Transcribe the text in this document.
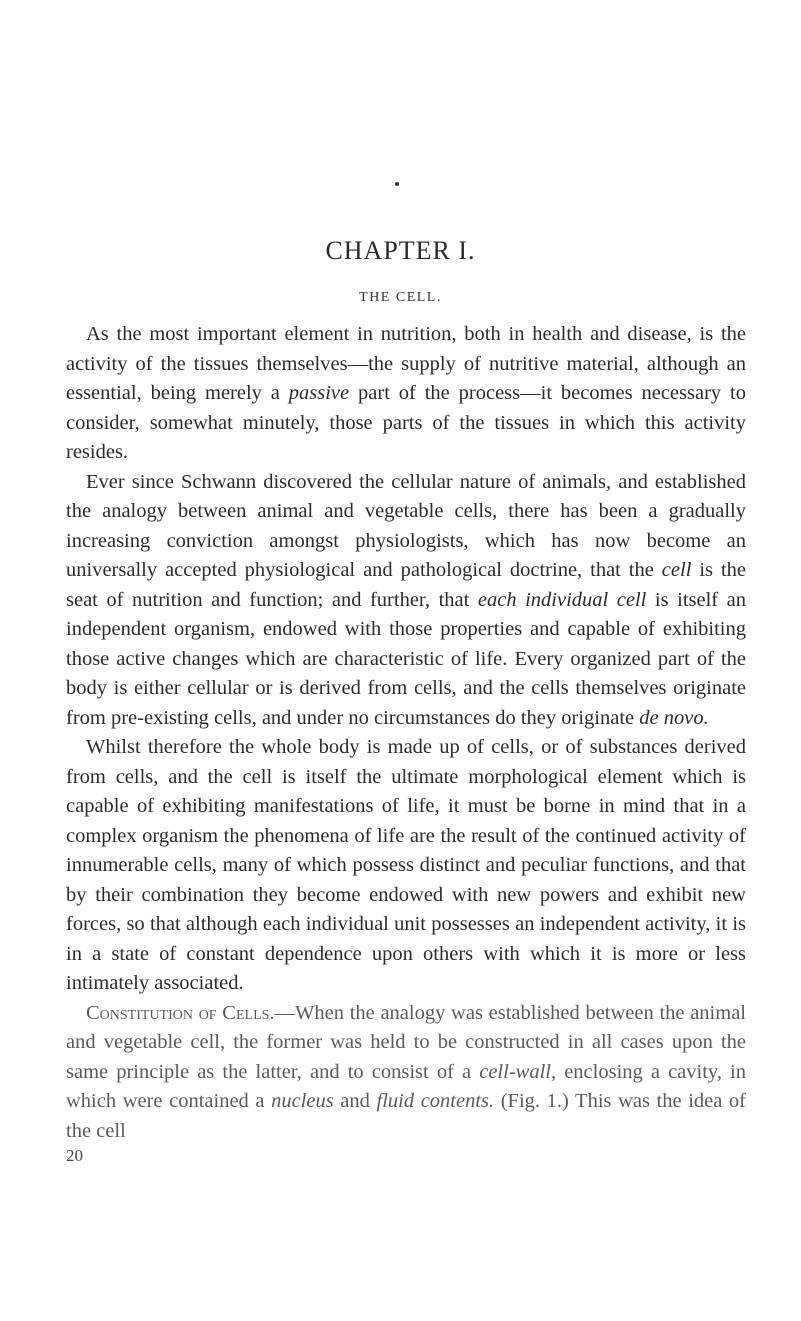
CHAPTER I.
THE CELL.

As the most important element in nutrition, both in health and disease, is the activity of the tissues themselves—the supply of nutritive material, although an essential, being merely a passive part of the process—it becomes necessary to consider, somewhat minutely, those parts of the tissues in which this activity resides.

Ever since Schwann discovered the cellular nature of animals, and established the analogy between animal and vegetable cells, there has been a gradually increasing conviction amongst physiologists, which has now become an universally accepted physiological and pathological doctrine, that the cell is the seat of nutrition and function; and further, that each individual cell is itself an independent organism, endowed with those properties and capable of exhibiting those active changes which are characteristic of life. Every organized part of the body is either cellular or is derived from cells, and the cells themselves originate from pre-existing cells, and under no circumstances do they originate de novo.

Whilst therefore the whole body is made up of cells, or of substances derived from cells, and the cell is itself the ultimate morphological element which is capable of exhibiting manifestations of life, it must be borne in mind that in a complex organism the phenomena of life are the result of the continued activity of innumerable cells, many of which possess distinct and peculiar functions, and that by their combination they become endowed with new powers and exhibit new forces, so that although each individual unit possesses an independent activity, it is in a state of constant dependence upon others with which it is more or less intimately associated.

Constitution of Cells.—When the analogy was established between the animal and vegetable cell, the former was held to be constructed in all cases upon the same principle as the latter, and to consist of a cell-wall, enclosing a cavity, in which were contained a nucleus and fluid contents. (Fig. 1.) This was the idea of the cell

20
